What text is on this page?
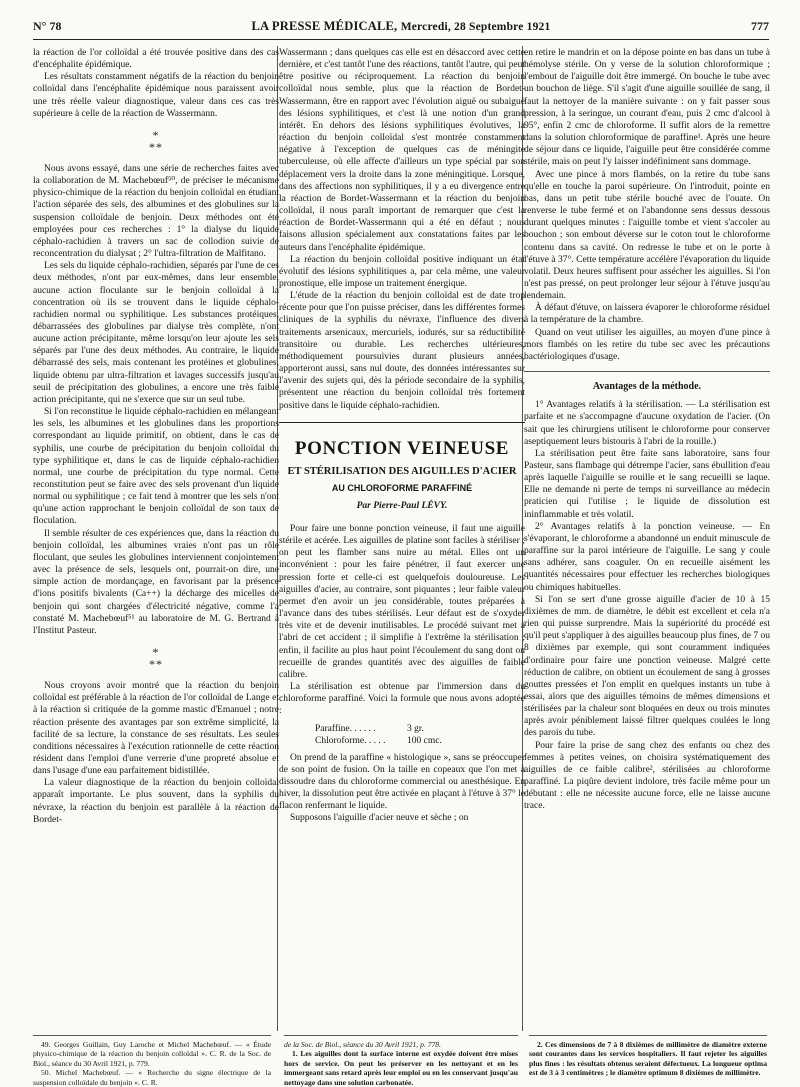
N° 78	LA PRESSE MÉDICALE, Mercredi, 28 Septembre 1921	777

la réaction de l'or colloïdal a été trouvée positive dans des cas d'encéphalite épidémique.

Les résultats constamment négatifs de la réaction du benjoin colloïdal dans l'encéphalite épidémique nous paraissent avoir une très réelle valeur diagnostique, valeur dans ces cas très supérieure à celle de la réaction de Wassermann.

*
**

Nous avons essayé, dans une série de recherches faites avec la collaboration de M. Machebœuf⁵⁰, de préciser le mécanisme physico-chimique de la réaction du benjoin colloïdal en étudiant l'action séparée des sels, des albumines et des globulines sur la suspension colloïdale de benjoin. Deux méthodes ont été employées pour ces recherches : 1° la dialyse du liquide céphalo-rachidien à travers un sac de collodion suivie de reconcentration du dialysat ; 2° l'ultra-filtration de Malfitano.

Les sels du liquide céphalo-rachidien, séparés par l'une de ces deux méthodes, n'ont par eux-mêmes, dans leur ensemble, aucune action floculante sur le benjoin colloïdal à la concentration où ils se trouvent dans le liquide céphalo-rachidien normal ou syphilitique. Les substances protéiques, débarrassées des globulines par dialyse très complète, n'ont aucune action précipitante, même lorsqu'on leur ajoute les sels séparés par l'une des deux méthodes. Au contraire, le liquide débarrassé des sels, mais contenant les protéines et globulines, liquide obtenu par ultra-filtration et lavages successifs jusqu'au seuil de précipitation des globulines, a encore une très faible action précipitante, qui ne s'exerce que sur un seul tube.

Si l'on reconstitue le liquide céphalo-rachidien en mélangeant les sels, les albumines et les globulines dans les proportions correspondant au liquide primitif, on obtient, dans le cas de syphilis, une courbe de précipitation du benjoin colloïdal du type syphilitique et, dans le cas de liquide céphalo-rachidien normal, une courbe de précipitation du type normal. Cette reconstitution peut se faire avec des sels provenant d'un liquide normal ou syphilitique ; ce fait tend à montrer que les sels n'ont qu'une action rapprochant le benjoin colloïdal de son taux de floculation.

Il semble résulter de ces expériences que, dans la réaction du benjoin colloïdal, les albumines vraies n'ont pas un rôle floculant, que seules les globulines interviennent conjointement avec la présence de sels, lesquels ont, pourrait-on dire, une simple action de mordançage, en favorisant par la présence d'ions positifs bivalents (Ca++) la décharge des micelles de benjoin qui sont chargées d'électricité négative, comme l'a constaté M. Machebœuf⁵¹ au laboratoire de M. G. Bertrand à l'Institut Pasteur.

*
**

Nous croyons avoir montré que la réaction du benjoin colloïdal est préférable à la réaction de l'or colloïdal de Lange et à la réaction si critiquée de la gomme mastic d'Emanuel ; notre réaction présente des avantages par son extrême simplicité, la facilité de sa lecture, la constance de ses résultats. Les seules conditions nécessaires à l'exécution rationnelle de cette réaction résident dans l'emploi d'une verrerie d'une propreté absolue et dans l'usage d'une eau parfaitement bidistillée.

La valeur diagnostique de la réaction du benjoin colloïdal apparaît importante. Le plus souvent, dans la syphilis du névraxe, la réaction du benjoin est parallèle à la réaction de Bordet-

Wassermann ; dans quelques cas elle est en désaccord avec cette dernière, et c'est tantôt l'une des réactions, tantôt l'autre, qui peut être positive ou réciproquement. La réaction du benjoin colloïdal nous semble, plus que la réaction de Bordet-Wassermann, être en rapport avec l'évolution aiguë ou subaiguë des lésions syphilitiques, et c'est là une notion d'un grand intérêt. En dehors des lésions syphilitiques évolutives, la réaction du benjoin colloïdal s'est montrée constamment négative à l'exception de quelques cas de méningite tuberculeuse, où elle affecte d'ailleurs un type spécial par son déplacement vers la droite dans la zone méningitique. Lorsque, dans des affections non syphilitiques, il y a eu divergence entre la réaction de Bordet-Wassermann et la réaction du benjoin colloïdal, il nous paraît important de remarquer que c'est la réaction de Bordet-Wassermann qui a été en défaut ; nous faisons allusion spécialement aux constatations faites par les auteurs dans l'encéphalite épidémique.

La réaction du benjoin colloïdal positive indiquant un état évolutif des lésions syphilitiques a, par cela même, une valeur pronostique, elle impose un traitement énergique.

L'étude de la réaction du benjoin colloïdal est de date trop récente pour que l'on puisse préciser, dans les différentes formes cliniques de la syphilis du névraxe, l'influence des divers traitements arsenicaux, mercuriels, iodurés, sur sa réductibilité transitoire ou durable. Les recherches ultérieures, méthodiquement poursuivies durant plusieurs années, apporteront aussi, sans nul doute, des données intéressantes sur l'avenir des sujets qui, dès la période secondaire de la syphilis, présentent une réaction du benjoin colloïdal très fortement positive dans le liquide céphalo-rachidien.

PONCTION VEINEUSE
ET STÉRILISATION DES AIGUILLES D'ACIER
AU CHLOROFORME PARAFFINÉ
Par Pierre-Paul LÉVY.

Pour faire une bonne ponction veineuse, il faut une aiguille stérile et acérée. Les aiguilles de platine sont faciles à stériliser ; on peut les flamber sans nuire au métal. Elles ont un inconvénient : pour les faire pénétrer, il faut exercer une pression forte et celle-ci est quelquefois douloureuse. Les aiguilles d'acier, au contraire, sont piquantes ; leur faible valeur permet d'en avoir un jeu considérable, toutes préparées à l'avance dans des tubes stérilisés. Leur défaut est de s'oxyder très vite et de devenir inutilisables. Le procédé suivant met à l'abri de cet accident ; il simplifie à l'extrême la stérilisation ; enfin, il facilite au plus haut point l'écoulement du sang dont on recueille de grandes quantités avec des aiguilles de faible calibre.

La stérilisation est obtenue par l'immersion dans du chloroforme paraffiné. Voici la formule que nous avons adoptée :

Paraffine. . . . . .	3 gr.
Chloroforme. . . . .	100 cmc.

On prend de la paraffine « histologique », sans se préoccuper de son point de fusion. On la taille en copeaux que l'on met à dissoudre dans du chloroforme commercial ou anesthésique. En hiver, la dissolution peut être activée en plaçant à l'étuve à 37° le flacon renfermant le liquide.

Supposons l'aiguille d'acier neuve et sèche ; on

en retire le mandrin et on la dépose pointe en bas dans un tube à hémolyse stérile. On y verse de la solution chloroformique ; l'embout de l'aiguille doit être immergé. On bouche le tube avec un bouchon de liège. S'il s'agit d'une aiguille souillée de sang, il faut la nettoyer de la manière suivante : on y fait passer sous pression, à la seringue, un courant d'eau, puis 2 cmc d'alcool à 95°, enfin 2 cmc de chloroforme. Il suffit alors de la remettre dans la solution chloroformique de paraffine¹. Après une heure de séjour dans ce liquide, l'aiguille peut être considérée comme stérile, mais on peut l'y laisser indéfiniment sans dommage.

Avec une pince à mors flambés, on la retire du tube sans qu'elle en touche la paroi supérieure. On l'introduit, pointe en bas, dans un petit tube stérile bouché avec de l'ouate. On renverse le tube fermé et on l'abandonne sens dessus dessous durant quelques minutes : l'aiguille tombe et vient s'accoler au bouchon ; son embout déverse sur le coton tout le chloroforme contenu dans sa cavité. On redresse le tube et on le porte à l'étuve à 37°. Cette température accélère l'évaporation du liquide volatil. Deux heures suffisent pour assécher les aiguilles. Si l'on n'est pas pressé, on peut prolonger leur séjour à l'étuve jusqu'au lendemain.

À défaut d'étuve, on laissera évaporer le chloroforme résiduel à la température de la chambre.

Quand on veut utiliser les aiguilles, au moyen d'une pince à mors flambés on les retire du tube sec avec les précautions bactériologiques d'usage.

Avantages de la méthode.

1° Avantages relatifs à la stérilisation. — La stérilisation est parfaite et ne s'accompagne d'aucune oxydation de l'acier. (On sait que les chirurgiens utilisent le chloroforme pour conserver aseptiquement leurs bistouris à l'abri de la rouille.)

La stérilisation peut être faite sans laboratoire, sans four Pasteur, sans flambage qui détrempe l'acier, sans ébullition d'eau après laquelle l'aiguille se rouille et le sang recueilli se laque. Elle ne demande ni perte de temps ni surveillance au médecin praticien qui l'utilise ; le liquide de dissolution est ininflammable et très volatil.

2° Avantages relatifs à la ponction veineuse. — En s'évaporant, le chloroforme a abandonné un enduit minuscule de paraffine sur la paroi intérieure de l'aiguille. Le sang y coule sans adhérer, sans coaguler. On en recueille aisément les quantités nécessaires pour effectuer les recherches biologiques ou chimiques habituelles.

Si l'on se sert d'une grosse aiguille d'acier de 10 à 15 dixièmes de mm. de diamètre, le débit est excellent et cela n'a rien qui puisse surprendre. Mais la supériorité du procédé est qu'il peut s'appliquer à des aiguilles beaucoup plus fines, de 7 ou 8 dixièmes par exemple, qui sont couramment indiquées d'ordinaire pour faire une ponction veineuse. Malgré cette réduction de calibre, on obtient un écoulement de sang à grosses gouttes pressées et l'on emplit en quelques instants un tube à essai, alors que des aiguilles témoins de mêmes dimensions et stérilisées par la chaleur sont bloquées en deux ou trois minutes après avoir péniblement laissé filtrer quelques coulées le long des parois du tube.

Pour faire la prise de sang chez des enfants ou chez des femmes à petites veines, on choisira systématiquement des aiguilles de ce faible calibre², stérilisées au chloroforme paraffiné. La piqûre devient indolore, très facile même pour un débutant : elle ne nécessite aucune force, elle ne laisse aucune trace.

49. Georges Guillain, Guy Laroche et Michel Machebœuf. — « Étude physico-chimique de la réaction du benjoin colloïdal ». C. R. de la Soc. de Biol., séance du 30 Avril 1921, p. 779.

50. Michel Machebœuf. — « Recherche du signe électrique de la suspension colloïdale du benjoin ». C. R.

de la Soc. de Biol., séance du 30 Avril 1921, p. 778.

1. Les aiguilles dont la surface interne est oxydée doivent être mises hors de service. On peut les préserver en les nettoyant et en les immergeant sans retard après leur emploi ou en les conservant jusqu'au nettoyage dans une solution carbonatée.

2. Ces dimensions de 7 à 8 dixièmes de millimètre de diamètre externe sont courantes dans les services hospitaliers. Il faut rejeter les aiguilles plus fines : les résultats obtenus seraient défectueux. La longueur optima est de 3 à 3 centimètres ; le diamètre optimum 8 dixièmes de millimètre.
